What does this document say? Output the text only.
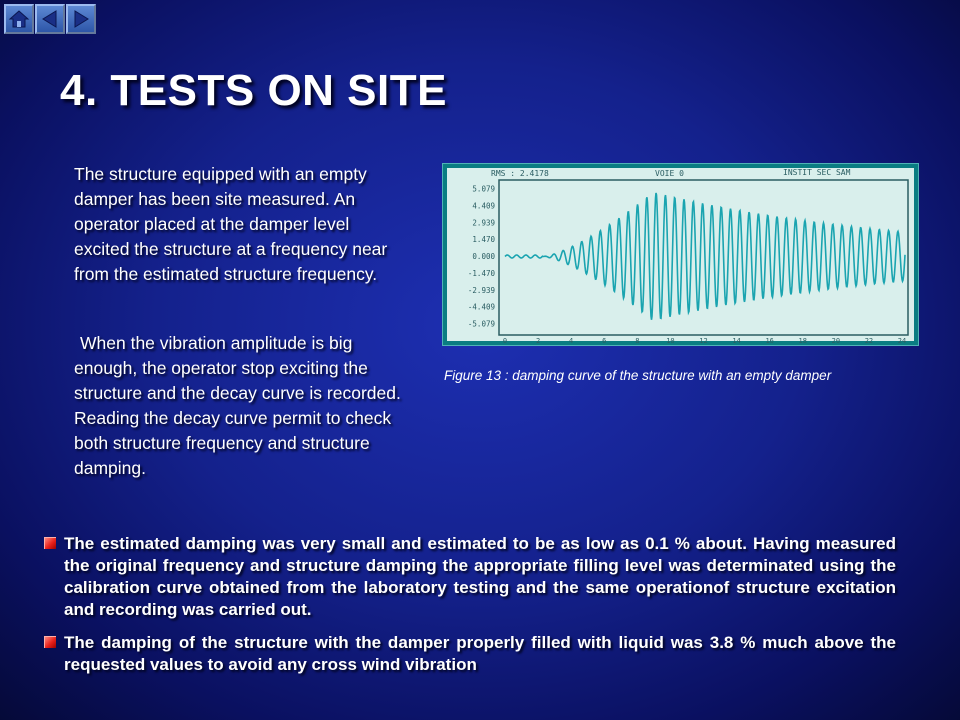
4. TESTS ON SITE

The structure equipped with an empty damper has been site measured. An operator placed at the damper level excited the structure at a frequency near from the estimated structure frequency.

When the vibration amplitude is big enough, the operator stop exciting the structure and the decay curve is recorded. Reading the decay curve permit to check both structure frequency and structure damping.

RMS : 2.4178	VOIE 0	INSTIT SEC SAM
5.079
4.409
2.939
1.470
0.000
-1.470
-2.939
-4.409
-5.079
0	2	4	6	8	10	12	14	16	18	20	22	24

Figure 13 : damping curve of the structure with an empty damper

The estimated damping was very small and estimated to be as low as 0.1 % about. Having measured the original frequency and structure damping the appropriate filling level was determinated using the calibration curve obtained from the laboratory testing and the same operationof structure excitation and recording was carried out.
The damping of the structure with the damper properly filled with liquid was 3.8 % much above the requested values to avoid any cross wind vibration
